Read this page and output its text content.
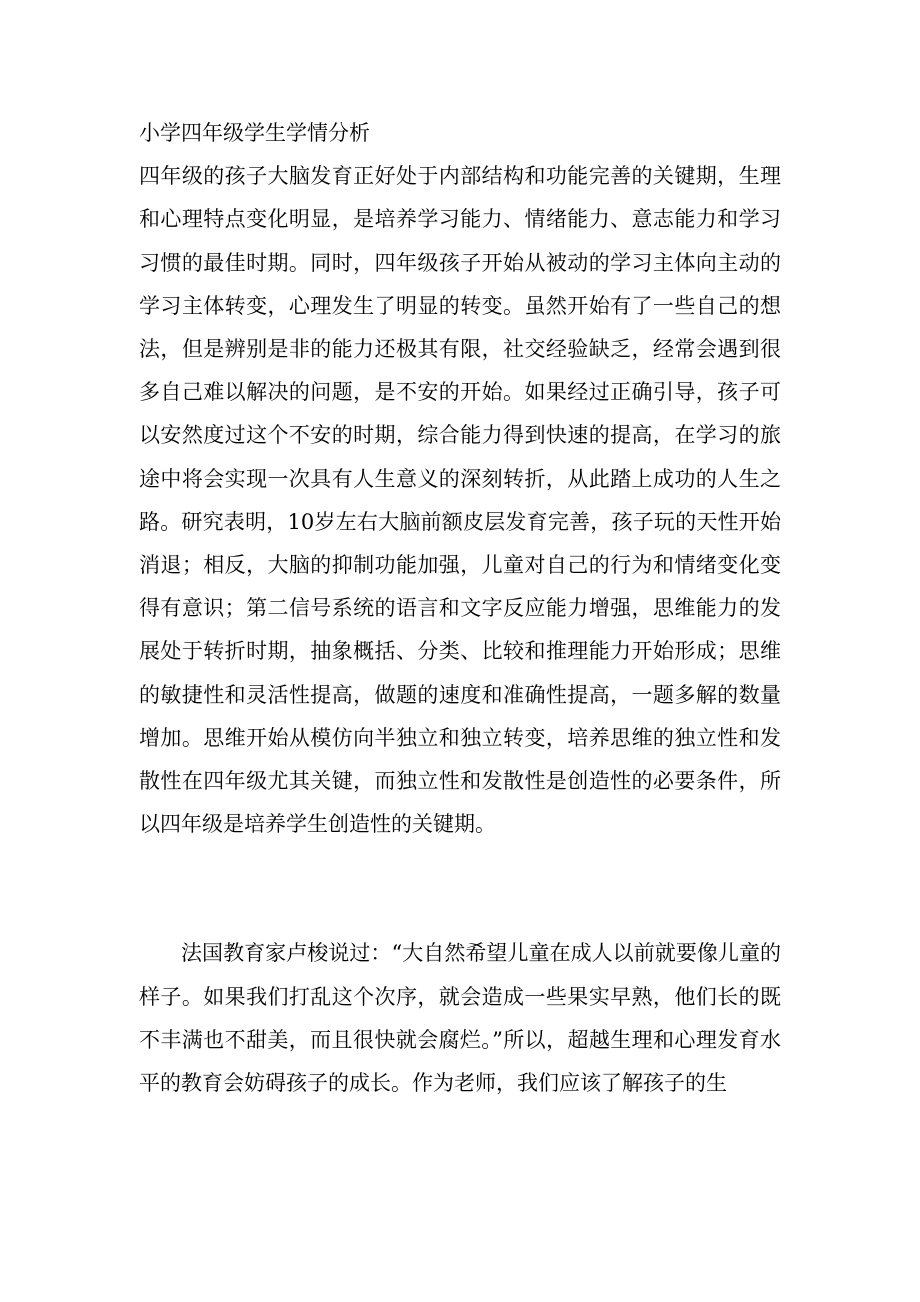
小学四年级学生学情分析

四年级的孩子大脑发育正好处于内部结构和功能完善的关键期，生理和心理特点变化明显，是培养学习能力、情绪能力、意志能力和学习习惯的最佳时期。同时，四年级孩子开始从被动的学习主体向主动的学习主体转变，心理发生了明显的转变。虽然开始有了一些自己的想法，但是辨别是非的能力还极其有限，社交经验缺乏，经常会遇到很多自己难以解决的问题，是不安的开始。如果经过正确引导，孩子可以安然度过这个不安的时期，综合能力得到快速的提高，在学习的旅途中将会实现一次具有人生意义的深刻转折，从此踏上成功的人生之路。研究表明，10岁左右大脑前额皮层发育完善，孩子玩的天性开始消退；相反，大脑的抑制功能加强，儿童对自己的行为和情绪变化变得有意识；第二信号系统的语言和文字反应能力增强，思维能力的发展处于转折时期，抽象概括、分类、比较和推理能力开始形成；思维的敏捷性和灵活性提高，做题的速度和准确性提高，一题多解的数量增加。思维开始从模仿向半独立和独立转变，培养思维的独立性和发散性在四年级尤其关键，而独立性和发散性是创造性的必要条件，所以四年级是培养学生创造性的关键期。

法国教育家卢梭说过：“大自然希望儿童在成人以前就要像儿童的样子。如果我们打乱这个次序，就会造成一些果实早熟，他们长的既不丰满也不甜美，而且很快就会腐烂。”所以，超越生理和心理发育水平的教育会妨碍孩子的成长。作为老师，我们应该了解孩子的生
